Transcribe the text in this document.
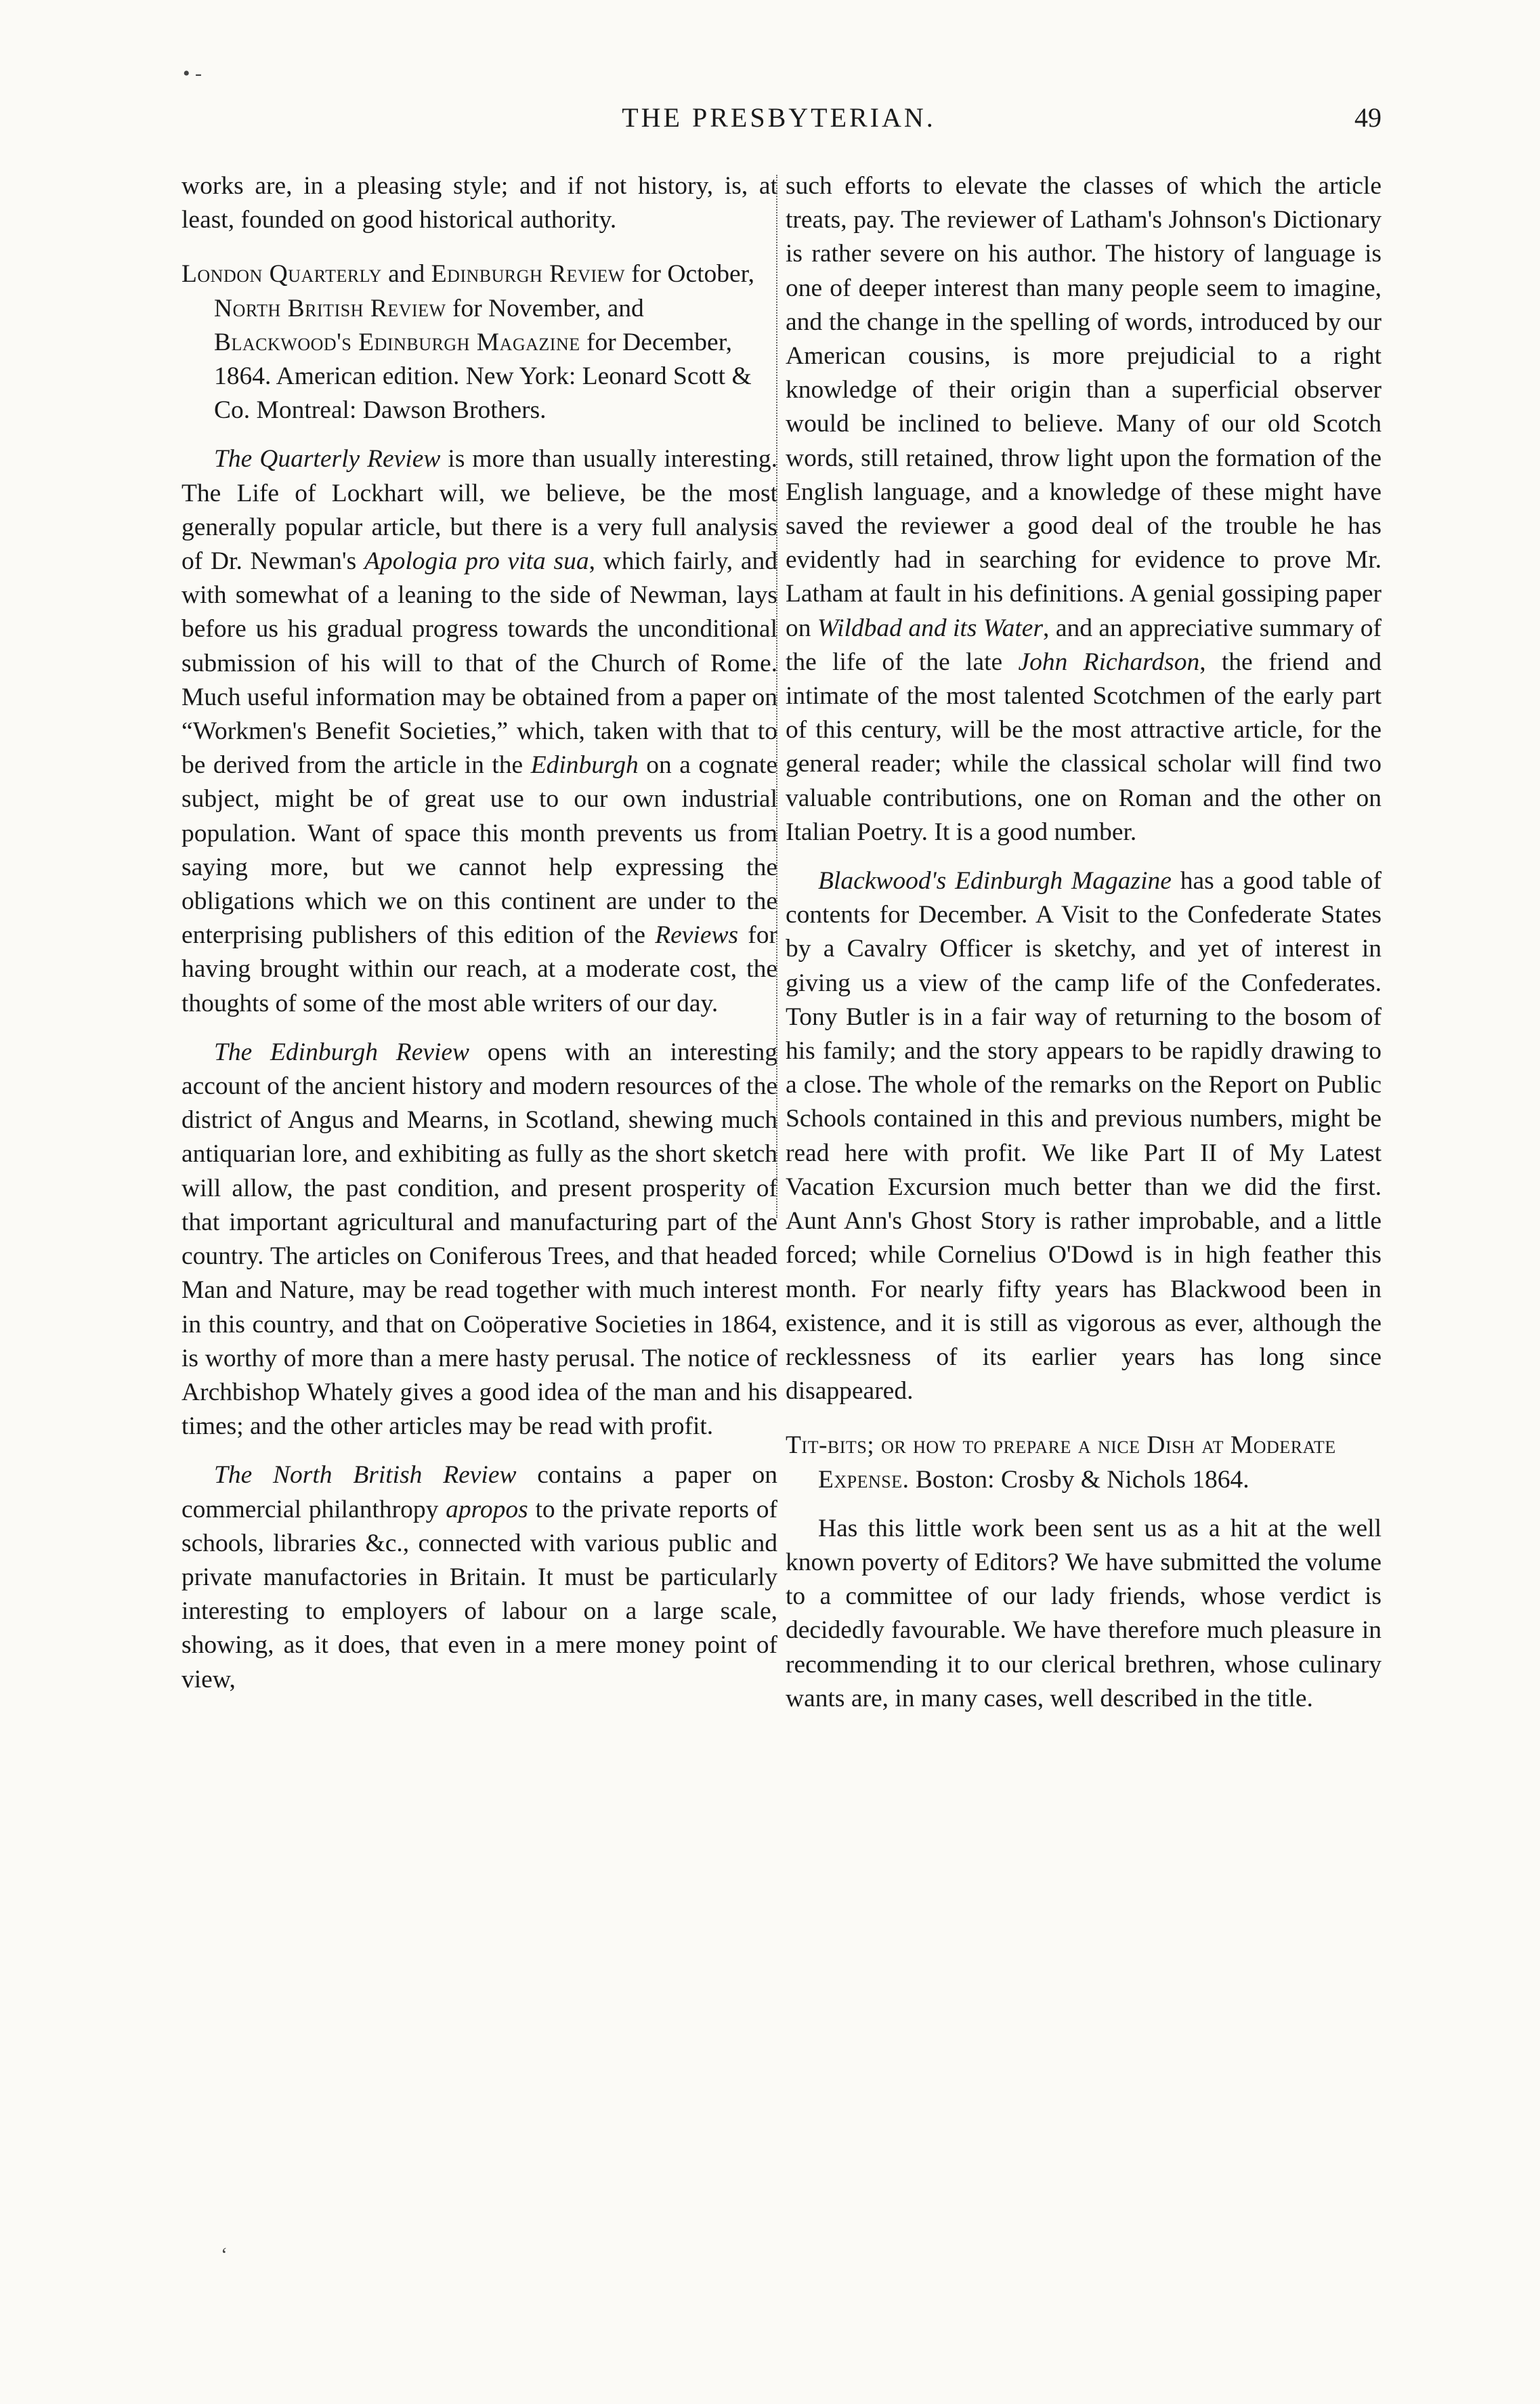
• ‑
THE PRESBYTERIAN.	49

works are, in a pleasing style; and if not history, is, at least, founded on good historical authority.

London Quarterly and Edinburgh Review for October, North British Review for November, and Blackwood's Edinburgh Magazine for December, 1864. American edition. New York: Leonard Scott & Co. Montreal: Dawson Brothers.

The Quarterly Review is more than usually interesting. The Life of Lockhart will, we believe, be the most generally popular article, but there is a very full analysis of Dr. Newman's Apologia pro vita sua, which fairly, and with somewhat of a leaning to the side of Newman, lays before us his gradual progress towards the unconditional submission of his will to that of the Church of Rome. Much useful information may be obtained from a paper on “Workmen's Benefit Societies,” which, taken with that to be derived from the article in the Edinburgh on a cognate subject, might be of great use to our own industrial population. Want of space this month prevents us from saying more, but we cannot help expressing the obligations which we on this continent are under to the enterprising publishers of this edition of the Reviews for having brought within our reach, at a moderate cost, the thoughts of some of the most able writers of our day.

The Edinburgh Review opens with an interesting account of the ancient history and modern resources of the district of Angus and Mearns, in Scotland, shewing much antiquarian lore, and exhibiting as fully as the short sketch will allow, the past condition, and present prosperity of that important agricultural and manufacturing part of the country. The articles on Coniferous Trees, and that headed Man and Nature, may be read together with much interest in this country, and that on Coöperative Societies in 1864, is worthy of more than a mere hasty perusal. The notice of Archbishop Whately gives a good idea of the man and his times; and the other articles may be read with profit.

The North British Review contains a paper on commercial philanthropy apropos to the private reports of schools, libraries &c., connected with various public and private manufactories in Britain. It must be particularly interesting to employers of labour on a large scale, showing, as it does, that even in a mere money point of view,

such efforts to elevate the classes of which the article treats, pay. The reviewer of Latham's Johnson's Dictionary is rather severe on his author. The history of language is one of deeper interest than many people seem to imagine, and the change in the spelling of words, introduced by our American cousins, is more prejudicial to a right knowledge of their origin than a superficial observer would be inclined to believe. Many of our old Scotch words, still retained, throw light upon the formation of the English language, and a knowledge of these might have saved the reviewer a good deal of the trouble he has evidently had in searching for evidence to prove Mr. Latham at fault in his definitions. A genial gossiping paper on Wildbad and its Water, and an appreciative summary of the life of the late John Richardson, the friend and intimate of the most talented Scotchmen of the early part of this century, will be the most attractive article, for the general reader; while the classical scholar will find two valuable contributions, one on Roman and the other on Italian Poetry. It is a good number.

Blackwood's Edinburgh Magazine has a good table of contents for December. A Visit to the Confederate States by a Cavalry Officer is sketchy, and yet of interest in giving us a view of the camp life of the Confederates. Tony Butler is in a fair way of returning to the bosom of his family; and the story appears to be rapidly drawing to a close. The whole of the remarks on the Report on Public Schools contained in this and previous numbers, might be read here with profit. We like Part II of My Latest Vacation Excursion much better than we did the first. Aunt Ann's Ghost Story is rather improbable, and a little forced; while Cornelius O'Dowd is in high feather this month. For nearly fifty years has Blackwood been in existence, and it is still as vigorous as ever, although the recklessness of its earlier years has long since disappeared.

Tit-bits; or how to prepare a nice Dish at Moderate Expense. Boston: Crosby & Nichols 1864.

Has this little work been sent us as a hit at the well known poverty of Editors? We have submitted the volume to a committee of our lady friends, whose verdict is decidedly favourable. We have therefore much pleasure in recommending it to our clerical brethren, whose culinary wants are, in many cases, well described in the title.

‘
